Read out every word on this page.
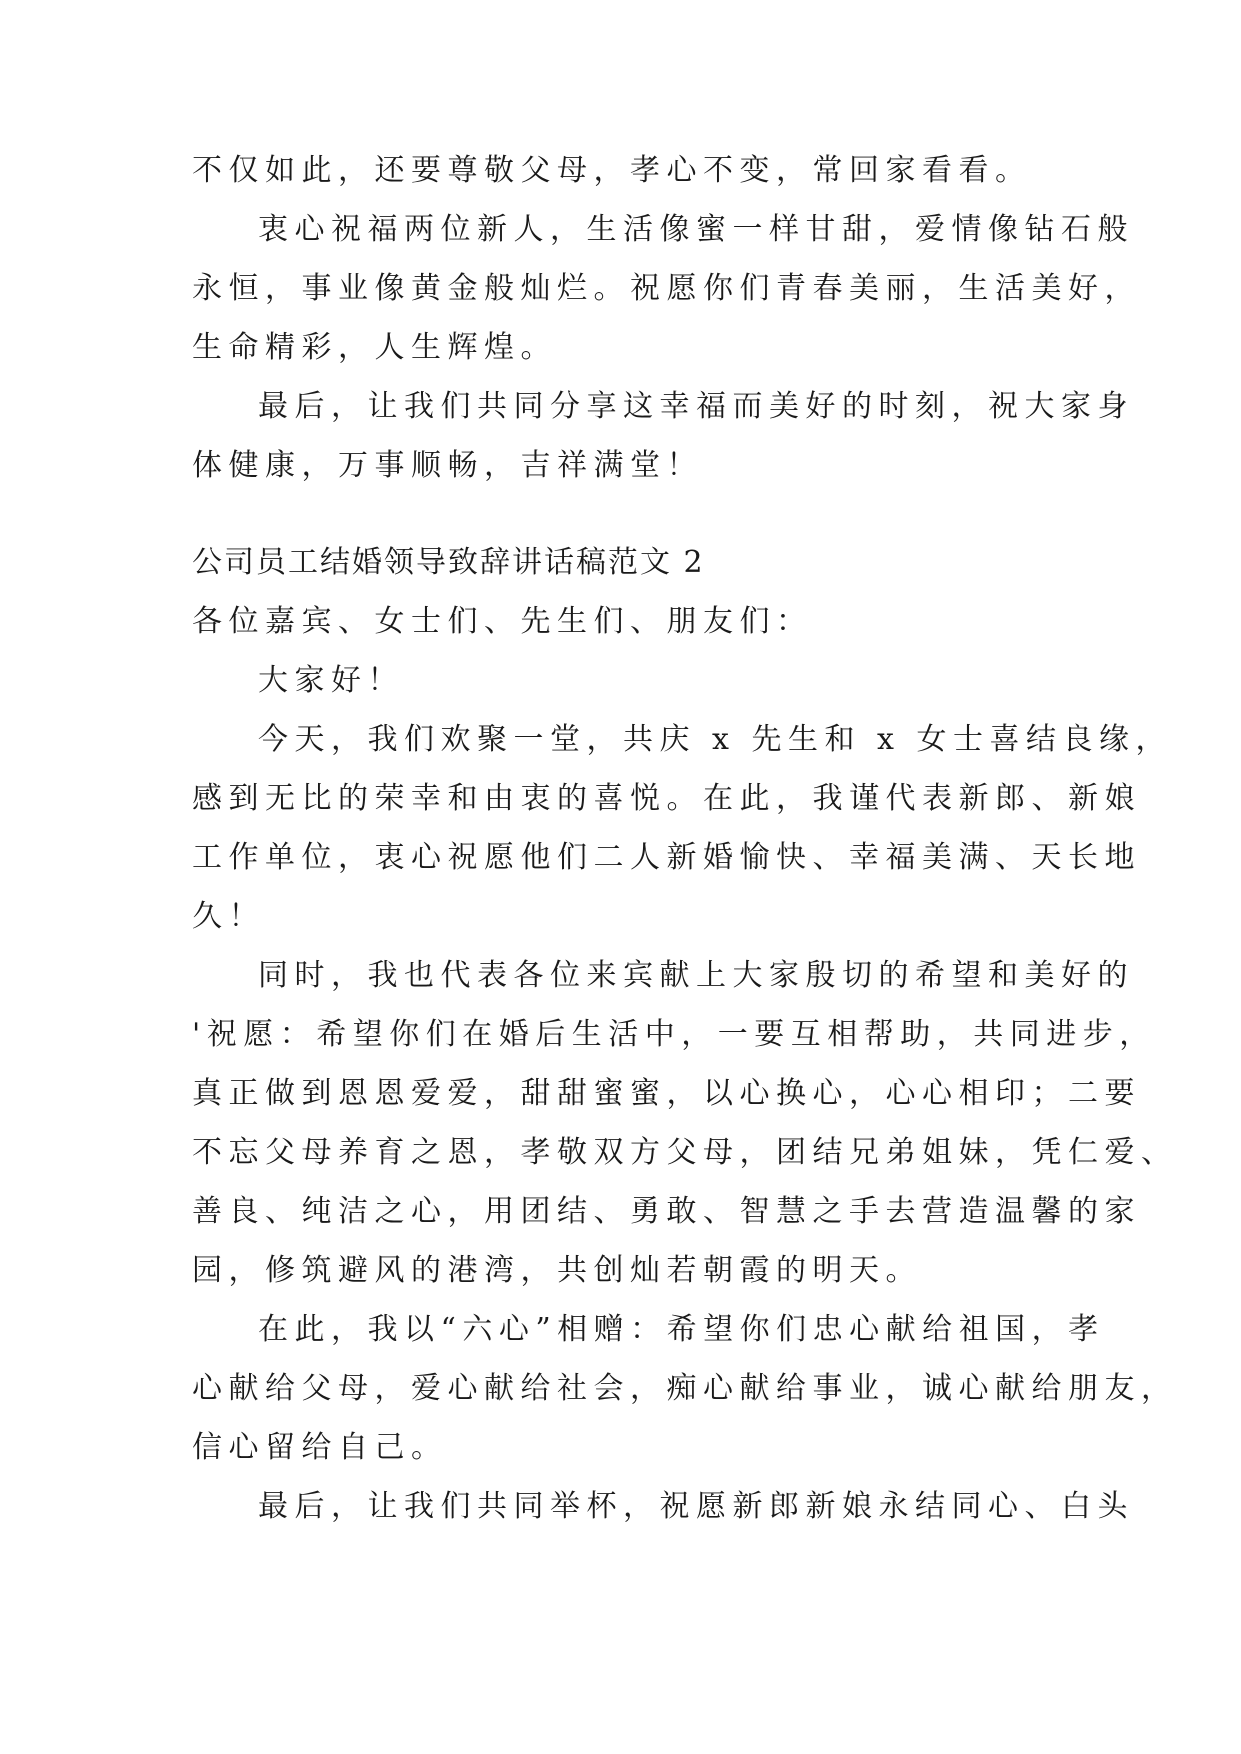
不仅如此，还要尊敬父母，孝心不变，常回家看看。

衷心祝福两位新人，生活像蜜一样甘甜，爱情像钻石般

永恒，事业像黄金般灿烂。祝愿你们青春美丽，生活美好，

生命精彩，人生辉煌。

最后，让我们共同分享这幸福而美好的时刻，祝大家身

体健康，万事顺畅，吉祥满堂！

公司员工结婚领导致辞讲话稿范文 2

各位嘉宾、女士们、先生们、朋友们：

大家好！

今天，我们欢聚一堂，共庆 x 先生和 x 女士喜结良缘，

感到无比的荣幸和由衷的喜悦。在此，我谨代表新郎、新娘

工作单位，衷心祝愿他们二人新婚愉快、幸福美满、天长地

久！

同时，我也代表各位来宾献上大家殷切的希望和美好的

'祝愿：希望你们在婚后生活中，一要互相帮助，共同进步，

真正做到恩恩爱爱，甜甜蜜蜜，以心换心，心心相印；二要

不忘父母养育之恩，孝敬双方父母，团结兄弟姐妹，凭仁爱、

善良、纯洁之心，用团结、勇敢、智慧之手去营造温馨的家

园，修筑避风的港湾，共创灿若朝霞的明天。

在此，我以“六心”相赠：希望你们忠心献给祖国，孝

心献给父母，爱心献给社会，痴心献给事业，诚心献给朋友，

信心留给自己。

最后，让我们共同举杯，祝愿新郎新娘永结同心、白头
